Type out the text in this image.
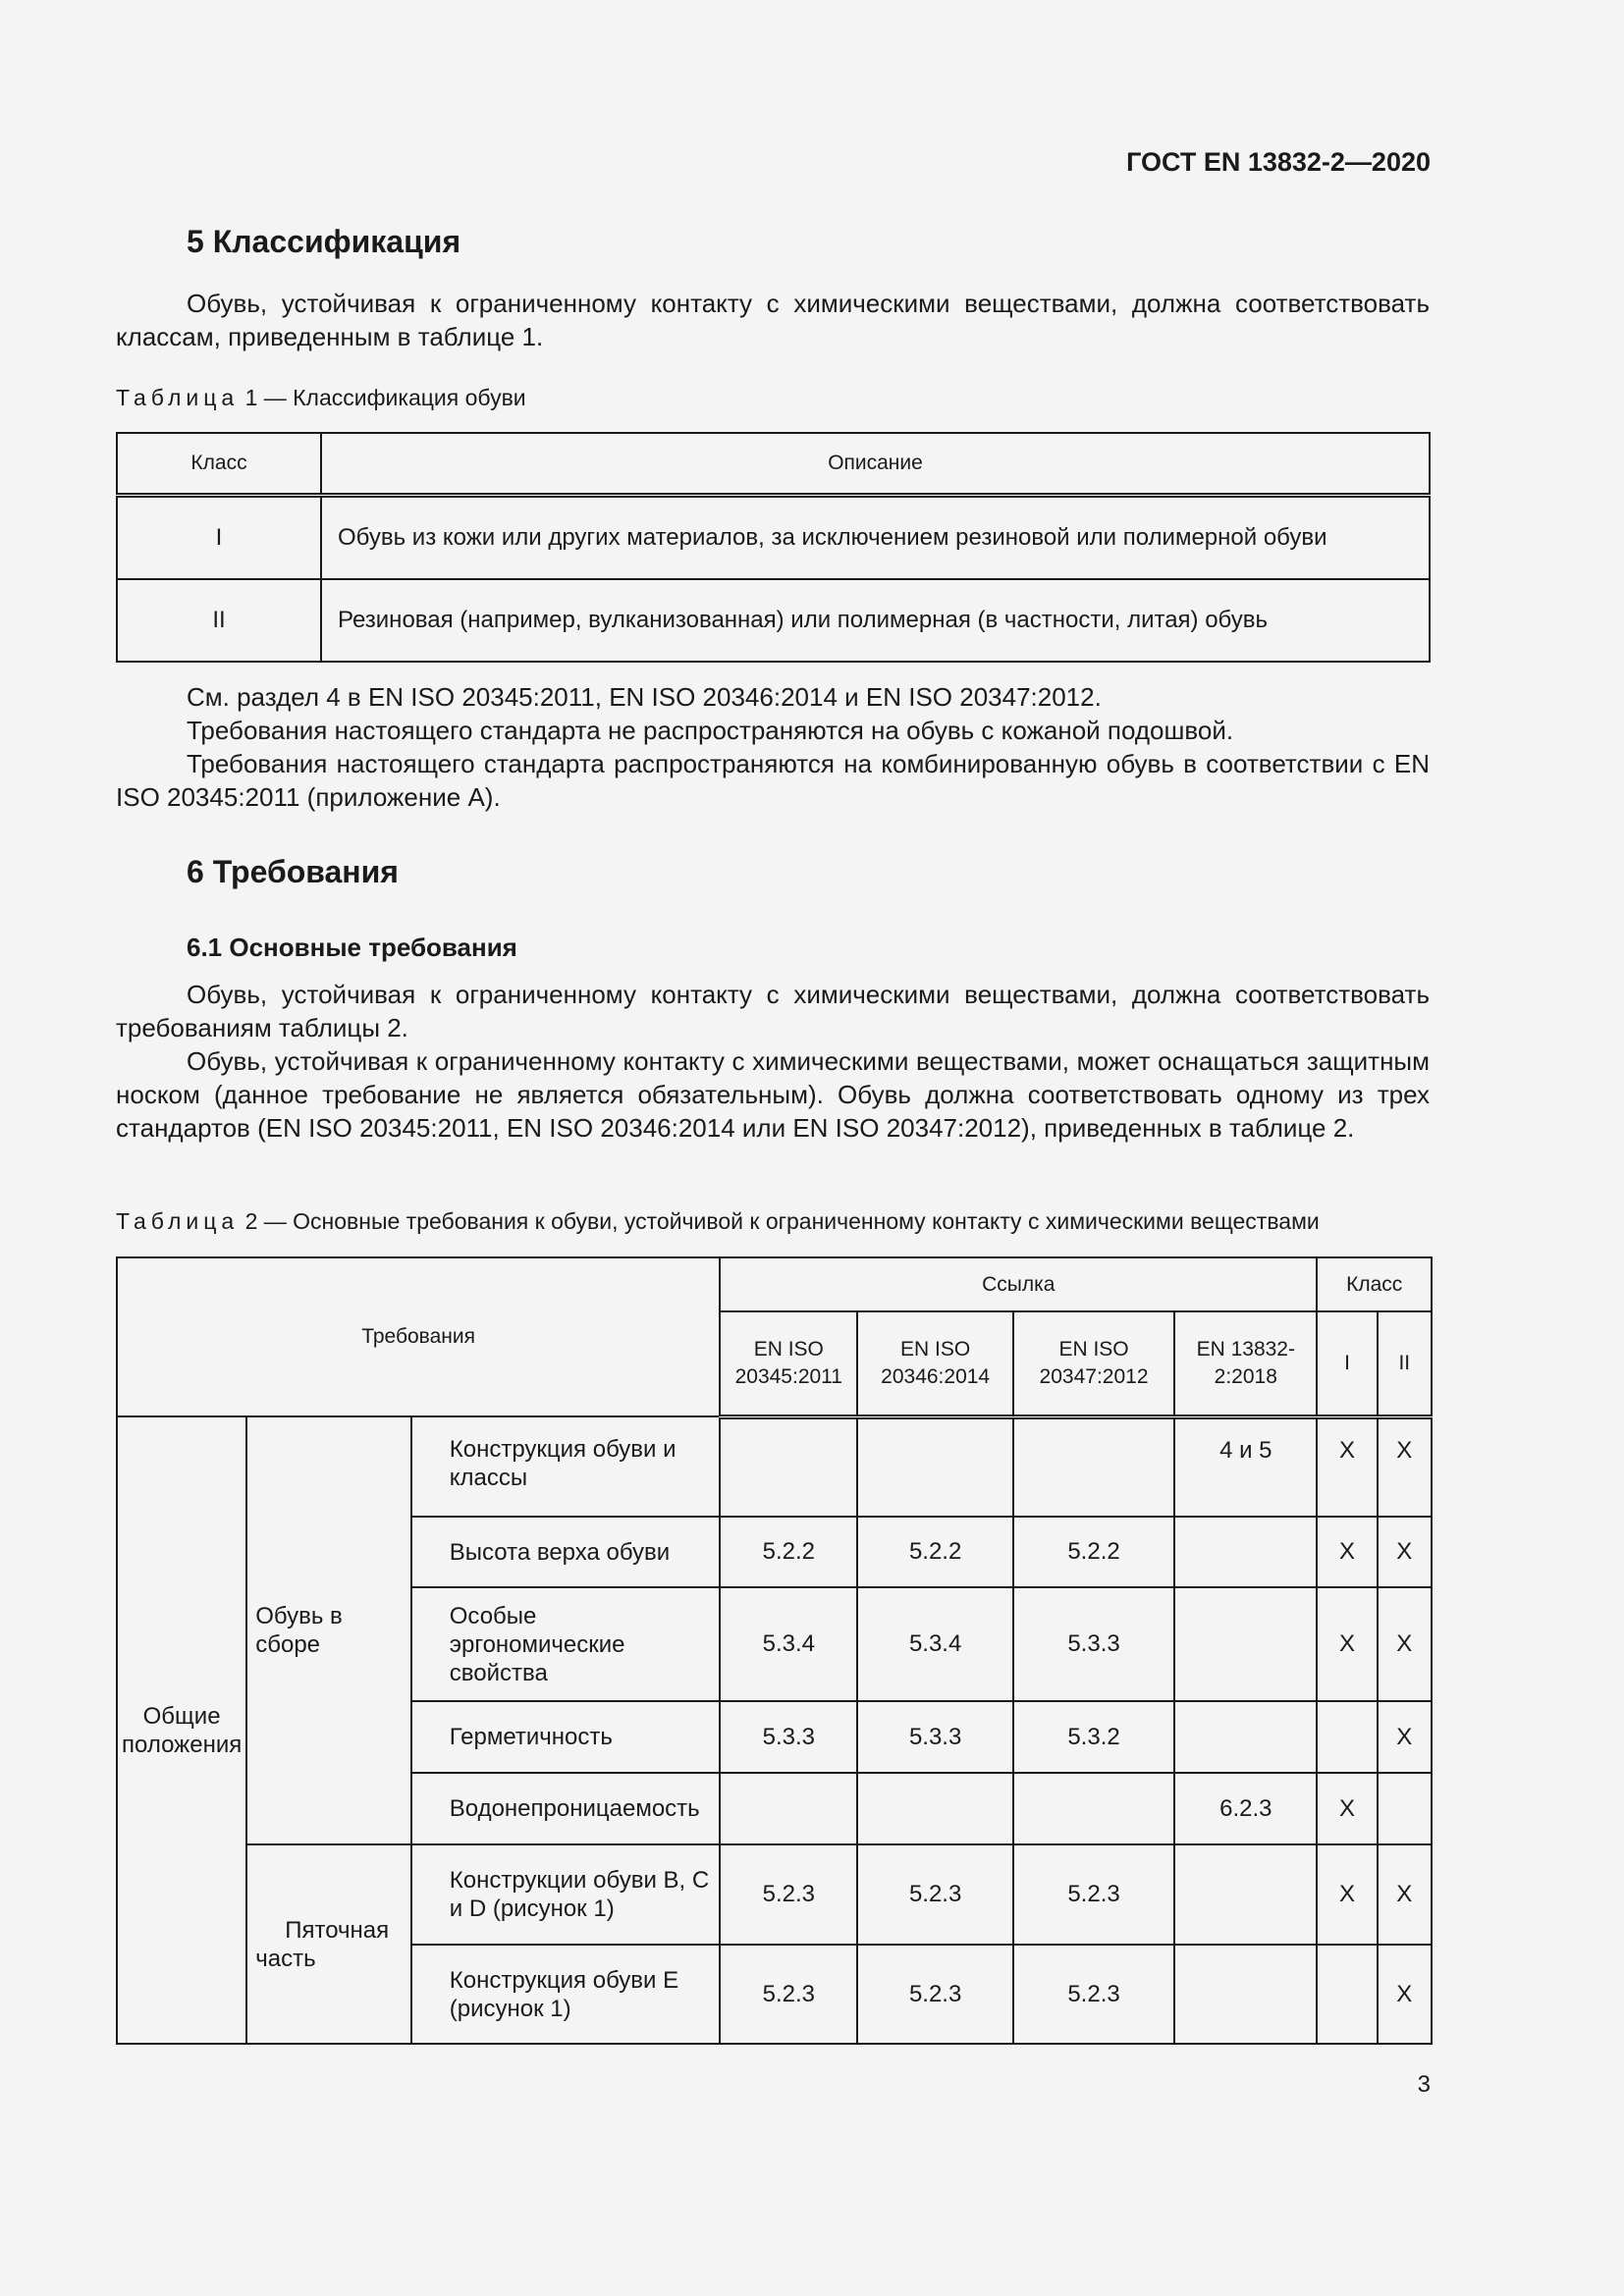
ГОСТ EN 13832-2—2020
5 Классификация

Обувь, устойчивая к ограниченному контакту с химическими веществами, должна соответствовать классам, приведенным в таблице 1.

Таблица 1 — Классификация обуви
Класс	Описание
I	Обувь из кожи или других материалов, за исключением резиновой или полимерной обуви
II	Резиновая (например, вулканизованная) или полимерная (в частности, литая) обувь

См. раздел 4 в EN ISO 20345:2011, EN ISO 20346:2014 и EN ISO 20347:2012.

Требования настоящего стандарта не распространяются на обувь с кожаной подошвой.

Требования настоящего стандарта распространяются на комбинированную обувь в соответствии с EN ISO 20345:2011 (приложение А).

6 Требования
6.1 Основные требования

Обувь, устойчивая к ограниченному контакту с химическими веществами, должна соответствовать требованиям таблицы 2.

Обувь, устойчивая к ограниченному контакту с химическими веществами, может оснащаться защитным носком (данное требование не является обязательным). Обувь должна соответствовать одному из трех стандартов (EN ISO 20345:2011, EN ISO 20346:2014 или EN ISO 20347:2012), приведенных в таблице 2.

Таблица 2 — Основные требования к обуви, устойчивой к ограниченному контакту с химическими веществами
Требования			Ссылка				Класс	
			EN ISO 20345:2011	EN ISO 20346:2014	EN ISO 20347:2012	EN 13832-2:2018	I	II
Общие положения	Обувь в сборе	Конструкция обуви и классы				4 и 5	X	X
		Высота верха обуви	5.2.2	5.2.2	5.2.2		X	X
		Особые эргономические свойства	5.3.4	5.3.4	5.3.3		X	X
		Герметичность	5.3.3	5.3.3	5.3.2			X
		Водонепроницаемость				6.2.3	X	
	Пяточная часть	Конструкции обуви B, C и D (рисунок 1)	5.2.3	5.2.3	5.2.3		X	X
		Конструкция обуви E (рисунок 1)	5.2.3	5.2.3	5.2.3			X
3
